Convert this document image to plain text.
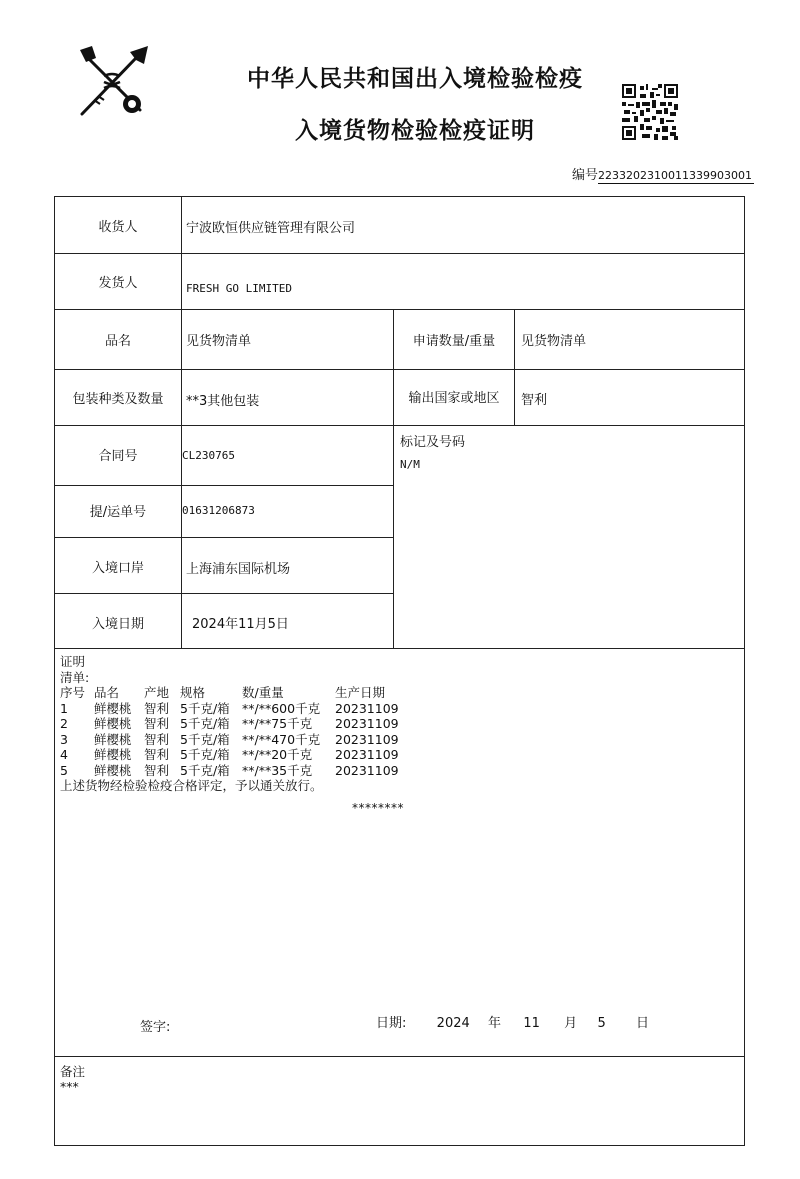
中华人民共和国出入境检验检疫
入境货物检验检疫证明
编号2233202310011339903001
收货人	宁波欧恒供应链管理有限公司
发货人	FRESH GO LIMITED
品名	见货物清单	申请数量/重量	见货物清单
包装种类及数量	**3其他包装	输出国家或地区	智利
合同号	CL230765
标记及号码
N/M
提/运单号	01631206873
入境口岸	上海浦东国际机场
入境日期	2024年11月5日
证明
清单:
序号 品名	产地 规格	数/重量	生产日期
1	鲜樱桃 智利 5千克/箱 **/**600千克	20231109
2	鲜樱桃 智利 5千克/箱 **/**75千克	20231109
3	鲜樱桃 智利 5千克/箱 **/**470千克	20231109
4	鲜樱桃 智利 5千克/箱 **/**20千克	20231109
5	鲜樱桃 智利 5千克/箱 **/**35千克	20231109
上述货物经检验检疫合格评定，予以通关放行。
********
签字:	日期: 2024 年 11 月 5 日
备注
***
